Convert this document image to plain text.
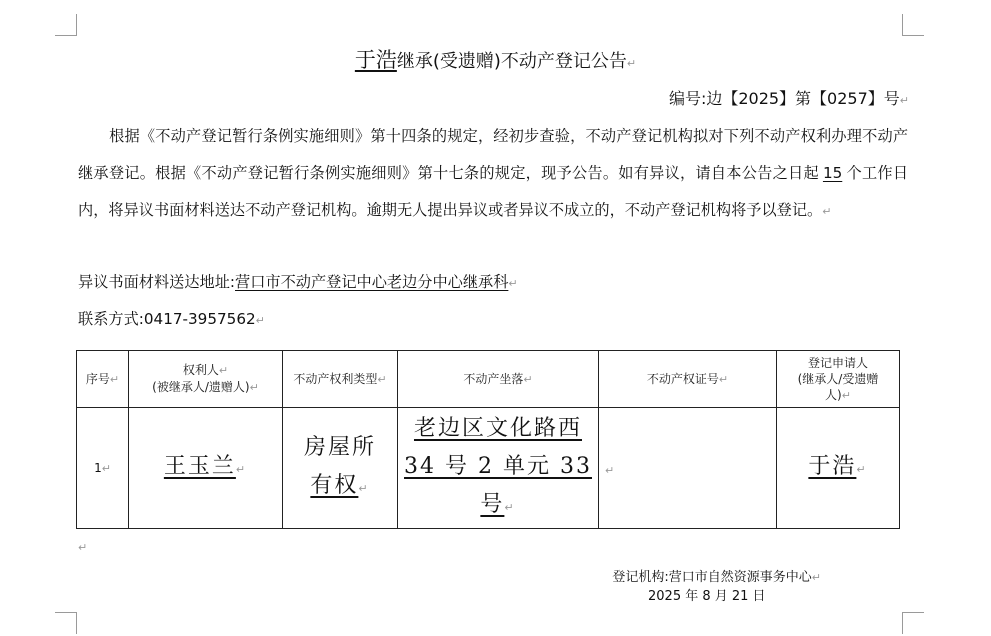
于浩继承(受遗赠)不动产登记公告↵
编号:边【2025】第【0257】号↵
根据《不动产登记暂行条例实施细则》第十四条的规定，经初步查验，不动产登记机构拟对下列不动产权利办理不动产继承登记。根据《不动产登记暂行条例实施细则》第十七条的规定，现予公告。如有异议，请自本公告之日起 15 个工作日内，将异议书面材料送达不动产登记机构。逾期无人提出异议或者异议不成立的，不动产登记机构将予以登记。↵
异议书面材料送达地址:营口市不动产登记中心老边分中心继承科↵
联系方式:0417-3957562↵
序号↵	权利人↵
(被继承人/遗赠人)↵	不动产权利类型↵	不动产坐落↵	不动产权证号↵	登记申请人
(继承人/受遗赠
人)↵
1↵	王玉兰↵	房屋所
有权↵	老边区文化路西
34 号 2 单元 33
号↵	↵	于浩↵
↵
登记机构:营口市自然资源事务中心↵
2025 年 8 月 21 日
